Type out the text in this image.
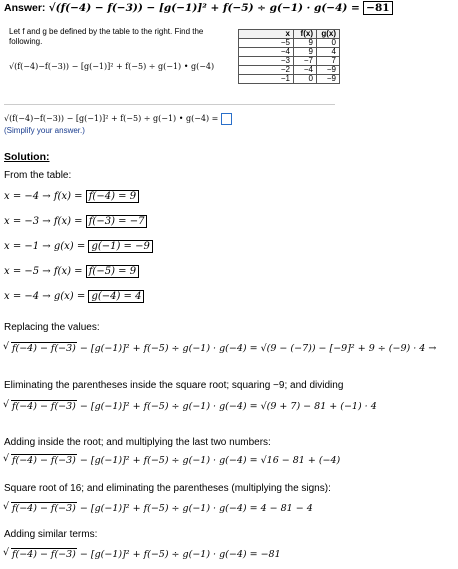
Answer: √(f(−4) − f(−3)) − [g(−1)]² + f(−5) ÷ g(−1) · g(−4) = −81
Let f and g be defined by the table to the right. Find the following.
√(f(−4)−f(−3)) − [g(−1)]² + f(−5) ÷ g(−1) • g(−4)
x	f(x)	g(x)
−5	9	0
−4	9	4
−3	−7	7
−2	−4	−9
−1	0	−9
√(f(−4)−f(−3)) − [g(−1)]² + f(−5) ÷ g(−1) • g(−4) =
(Simplify your answer.)
Solution:
From the table:
x = −4 → f(x) = f(−4) = 9
x = −3 → f(x) = f(−3) = −7
x = −1 → g(x) = g(−1) = −9
x = −5 → f(x) = f(−5) = 9
x = −4 → g(x) = g(−4) = 4
Replacing the values:
√ f(−4) − f(−3) − [g(−1)]² + f(−5) ÷ g(−1) · g(−4) = √(9 − (−7)) − [−9]² + 9 ÷ (−9) · 4 →
Eliminating the parentheses inside the square root; squaring −9; and dividing
√ f(−4) − f(−3) − [g(−1)]² + f(−5) ÷ g(−1) · g(−4) = √(9 + 7) − 81 + (−1) · 4
Adding inside the root; and multiplying the last two numbers:
√ f(−4) − f(−3) − [g(−1)]² + f(−5) ÷ g(−1) · g(−4) = √16 − 81 + (−4)
Square root of 16; and eliminating the parentheses (multiplying the signs):
√ f(−4) − f(−3) − [g(−1)]² + f(−5) ÷ g(−1) · g(−4) = 4 − 81 − 4
Adding similar terms:
√ f(−4) − f(−3) − [g(−1)]² + f(−5) ÷ g(−1) · g(−4) = −81
